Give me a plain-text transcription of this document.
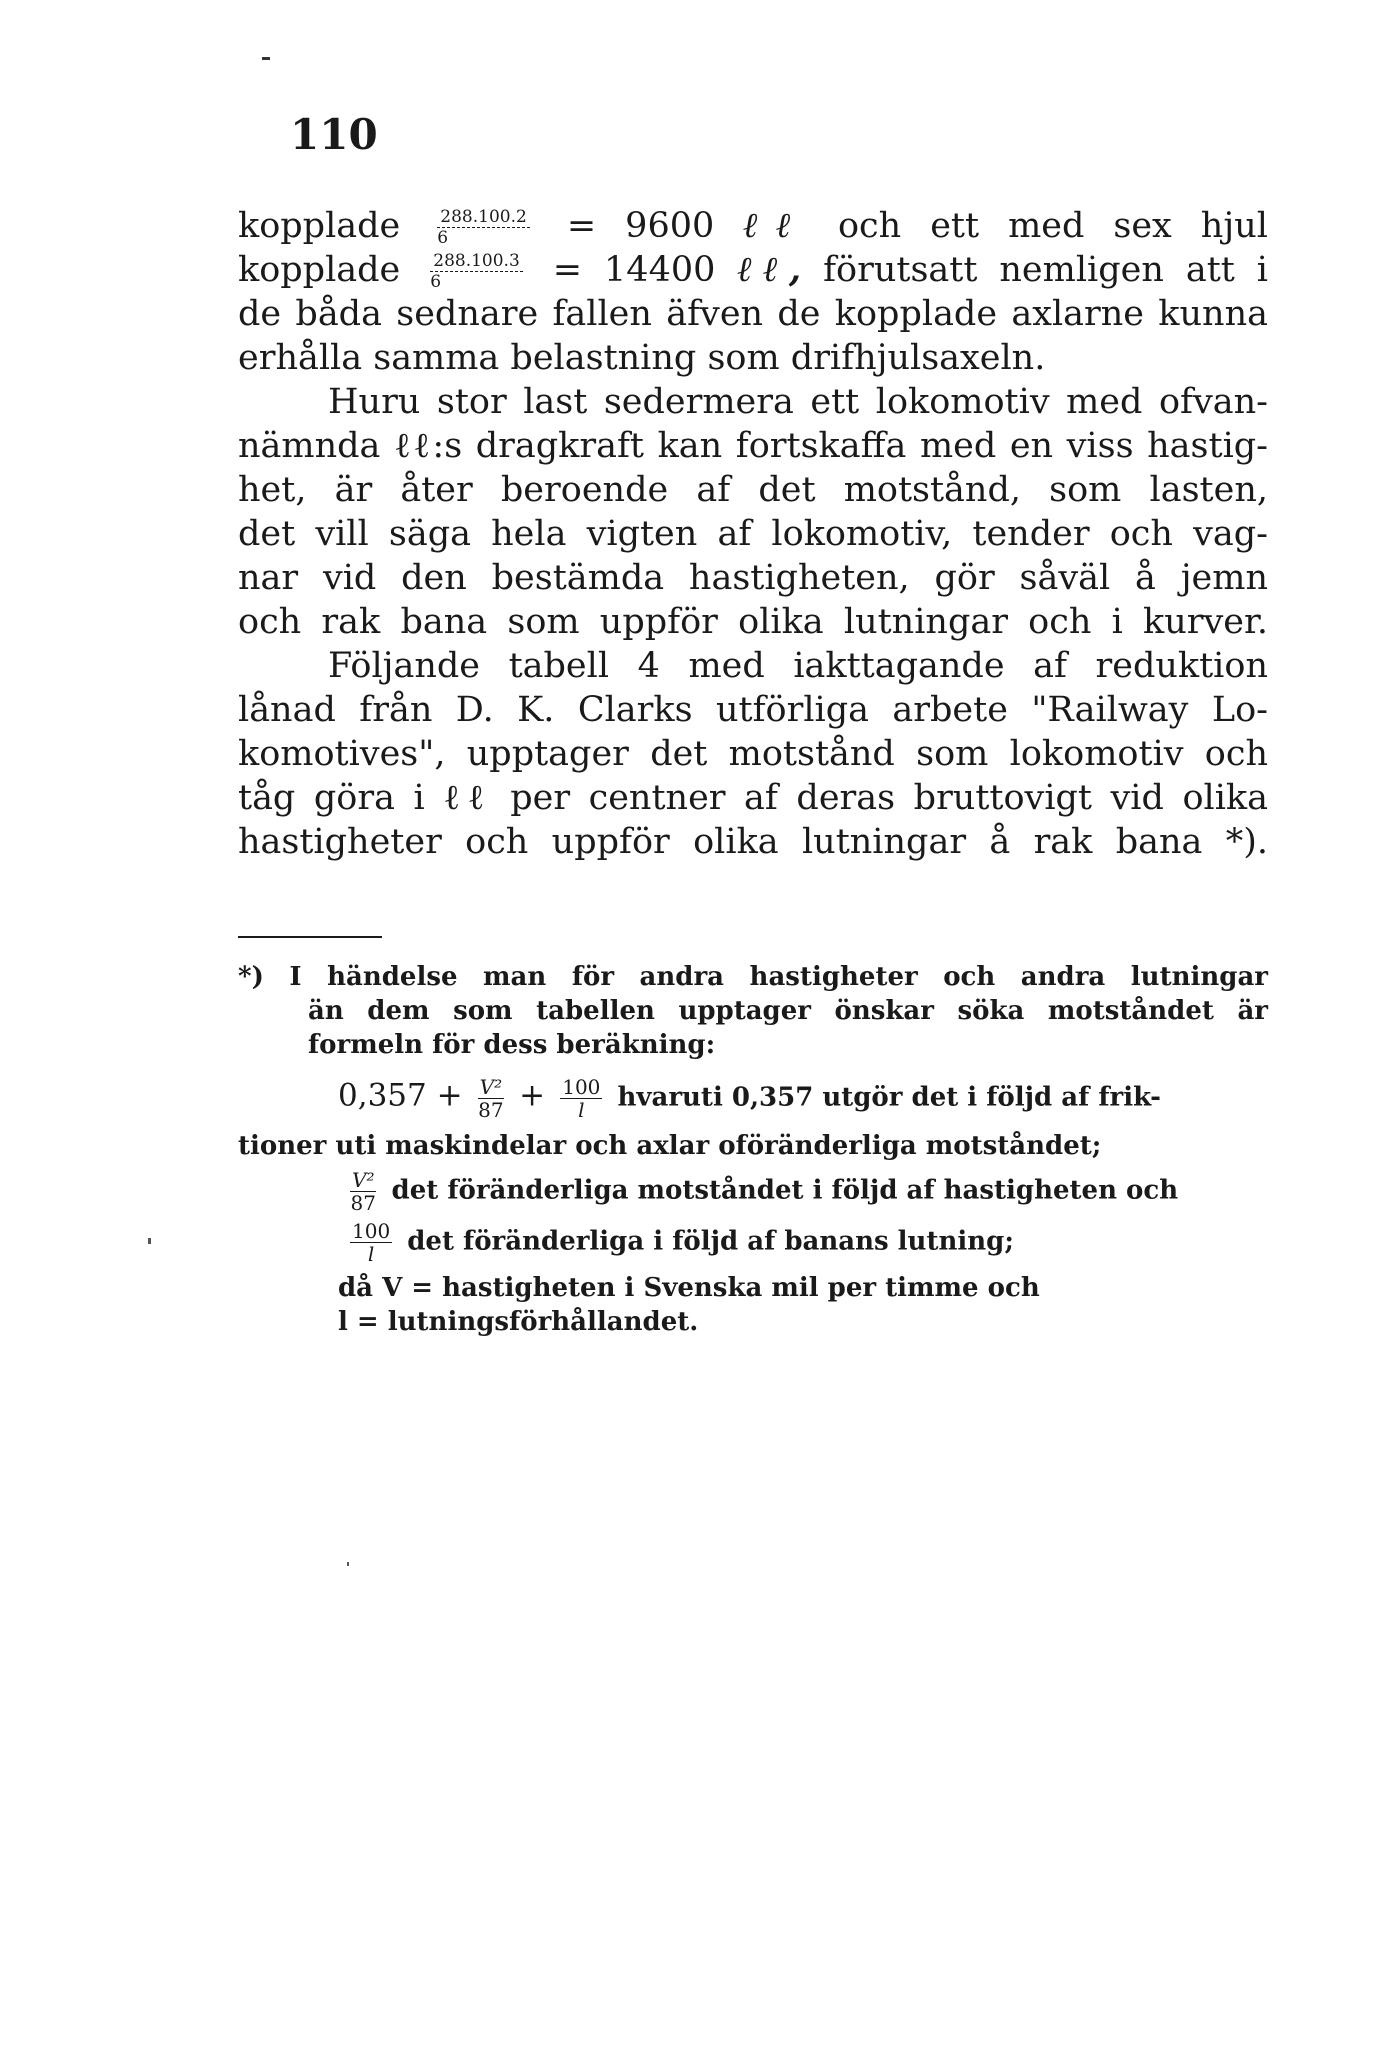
110
kopplade $\frac{288.100.2}{6} = 9600$ ℓℓ och ett med sex hjul
kopplade $\frac{288.100.3}{6} = 14400$ ℓℓ, förutsatt nemligen att i
de båda sednare fallen äfven de kopplade axlarne kunna
erhålla samma belastning som drifhjulsaxeln.
Huru stor last sedermera ett lokomotiv med ofvan-
nämnda ℓℓ:s dragkraft kan fortskaffa med en viss hastig-
het, är åter beroende af det motstånd, som lasten,
det vill säga hela vigten af lokomotiv, tender och vag-
nar vid den bestämda hastigheten, gör såväl å jemn
och rak bana som uppför olika lutningar och i kurver.
Följande tabell 4 med iakttagande af reduktion
lånad från D. K. Clarks utförliga arbete "Railway Lo-
komotives", upptager det motstånd som lokomotiv och
tåg göra i ℓℓ per centner af deras bruttovigt vid olika
hastigheter och uppför olika lutningar å rak bana *).
*) I händelse man för andra hastigheter och andra lutningar
än dem som tabellen upptager önskar söka motståndet är
formeln för dess beräkning:
$0,357 + \frac{\text{V²}}{87} + \frac{100}{l}$ hvaruti 0,357 utgör det i följd af frik-
tioner uti maskindelar och axlar oföränderliga motståndet;
$\frac{\text{V²}}{87}$ det föränderliga motståndet i följd af hastigheten och
$\frac{100}{l}$ det föränderliga i följd af banans lutning;
då V = hastigheten i Svenska mil per timme och
l = lutningsförhållandet.
